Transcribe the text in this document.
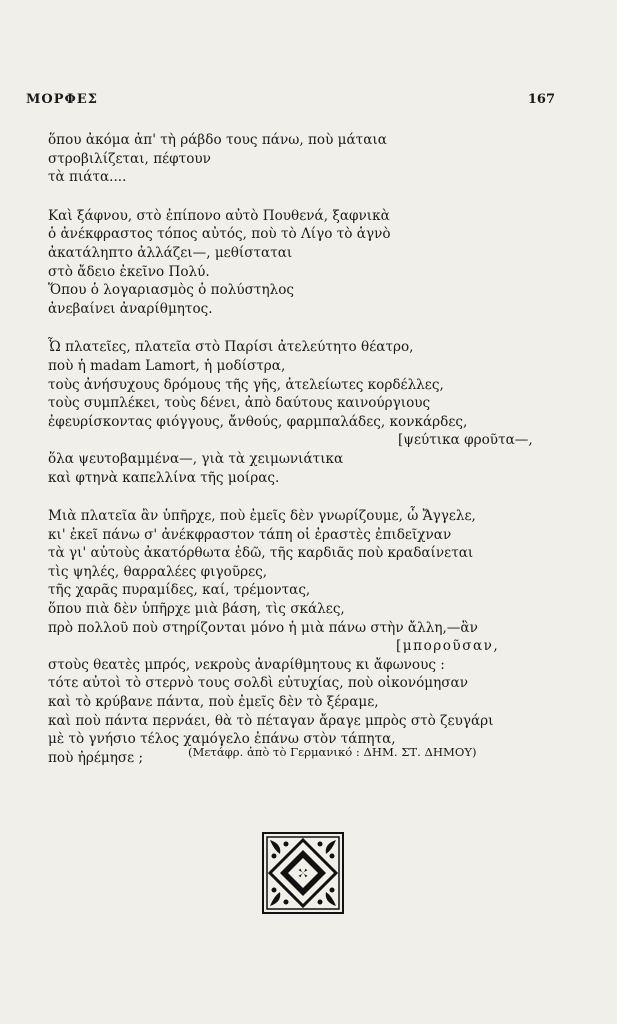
ΜΟΡΦΕΣ	167
ὅπου ἀκόμα ἀπ' τὴ ράβδο τους πάνω, ποὺ μάταια
στροβιλίζεται, πέφτουν
τὰ πιάτα....
Καὶ ξάφνου, στὸ ἐπίπονο αὐτὸ Πουθενά, ξαφνικὰ
ὁ ἀνέκφραστος τόπος αὐτός, ποὺ τὸ Λίγο τὸ ἁγνὸ
ἀκατάληπτο ἀλλάζει—, μεθίσταται
στὸ ἄδειο ἐκεῖνο Πολύ.
Ὅπου ὁ λογαριασμὸς ὁ πολύστηλος
ἀνεβαίνει ἀναρίθμητος.
Ὦ πλατεῖες, πλατεῖα στὸ Παρίσι ἀτελεύτητο θέατρο,
ποὺ ἡ madam Lamort, ἡ μοδίστρα,
τοὺς ἀνήσυχους δρόμους τῆς γῆς, ἀτελείωτες κορδέλλες,
τοὺς συμπλέκει, τοὺς δένει, ἀπὸ δαύτους καινούργιους
ἐφευρίσκοντας φιόγγους, ἄνθούς, φαρμπαλάδες, κονκάρδες,
[ψεύτικα φροῦτα—,
ὅλα ψευτοβαμμένα—, γιὰ τὰ χειμωνιάτικα
καὶ φτηνὰ καπελλίνα τῆς μοίρας.
Μιὰ πλατεῖα ἂν ὑπῆρχε, ποὺ ἐμεῖς δὲν γνωρίζουμε, ὦ Ἄγγελε,
κι' ἐκεῖ πάνω σ' ἀνέκφραστον τάπη οἱ ἐραστὲς ἐπιδεῖχναν
τὰ γι' αὐτοὺς ἀκατόρθωτα ἐδῶ, τῆς καρδιᾶς ποὺ κραδαίνεται
τὶς ψηλές, θαρραλέες φιγοῦρες,
τῆς χαρᾶς πυραμίδες, καί, τρέμοντας,
ὅπου πιὰ δὲν ὑπῆρχε μιὰ βάση, τὶς σκάλες,
πρὸ πολλοῦ ποὺ στηρίζονται μόνο ἡ μιὰ πάνω στὴν ἄλλη,—ἂν
[μποροῦσαν,
στοὺς θεατὲς μπρός, νεκροὺς ἀναρίθμητους κι ἄφωνους :
τότε αὐτοὶ τὸ στερνὸ τους σολδὶ εὐτυχίας, ποὺ οἰκονόμησαν
καὶ τὸ κρύβανε πάντα, ποὺ ἐμεῖς δὲν τὸ ξέραμε,
καὶ ποὺ πάντα περνάει, θὰ τὸ πέταγαν ἄραγε μπρὸς στὸ ζευγάρι
μὲ τὸ γνήσιο τέλος χαμόγελο ἐπάνω στὸν τάπητα,
ποὺ ἠρέμησε ;	(Μετάφρ. ἀπὸ τὸ Γερμανικό : ΔΗΜ. ΣΤ. ΔΗΜΟΥ)
